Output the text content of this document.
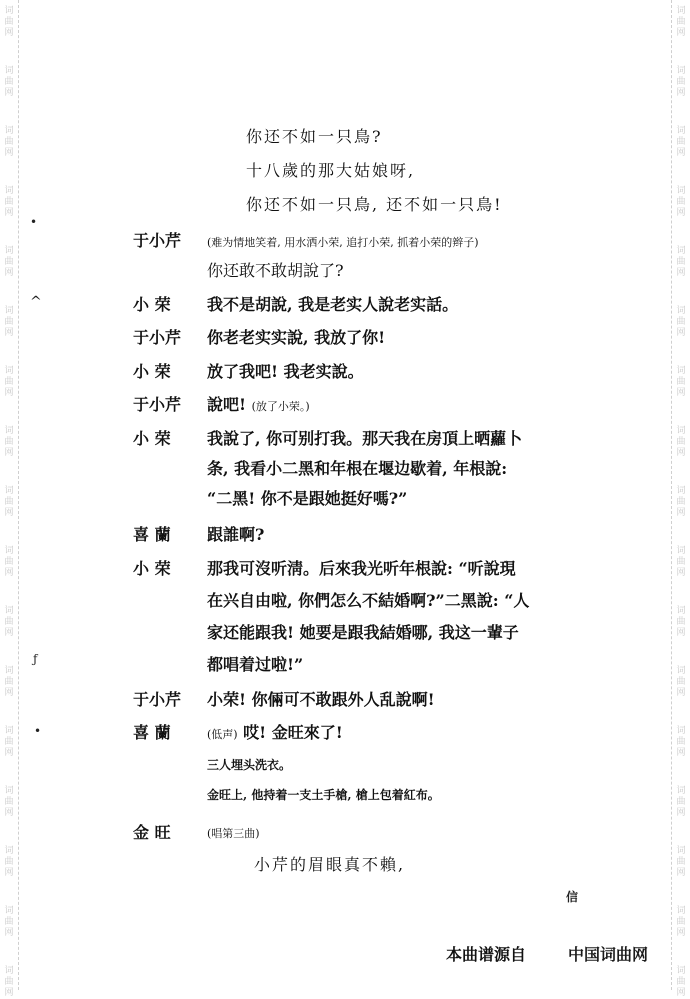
词曲网
词曲网
词曲网
词曲网
词曲网
词曲网
词曲网
词曲网
词曲网
词曲网
词曲网
词曲网
词曲网
词曲网
词曲网
词曲网
词曲网
词曲网
词曲网
词曲网
词曲网
词曲网
词曲网
词曲网
词曲网
词曲网
词曲网
词曲网
词曲网
词曲网
词曲网
词曲网
词曲网
词曲网
你还不如一只鳥?
十八歲的那大姑娘呀,
你还不如一只鳥, 还不如一只鳥!
于小芹 (难为情地笑着, 用水洒小荣, 追打小荣, 抓着小荣的辫子)
你还敢不敢胡說了?
小 荣 我不是胡說, 我是老实人說老实話。
于小芹 你老老实实說, 我放了你!
小 荣 放了我吧! 我老实說。
于小芹 說吧! (放了小荣。)
小 荣 我說了, 你可别打我。那天我在房頂上晒蘿卜
条, 我看小二黑和年根在堰边歇着, 年根說:
“二黑! 你不是跟她挺好嗎?”
喜 蘭 跟誰啊?
小 荣 那我可沒听淸。后來我光听年根說: “听說現
在兴自由啦, 你們怎么不結婚啊?”二黑說: “人
家还能跟我! 她要是跟我結婚哪, 我这一輩子
都唱着过啦!”
于小芹 小荣! 你倆可不敢跟外人乱說啊!
喜 蘭	(低声) 哎! 金旺來了!
三人埋头洗衣。
金旺上, 他持着一支土手槍, 槍上包着紅布。
金 旺	(唱第三曲)
小芹的眉眼真不賴,
信
•
^
ƒ
•
本曲谱源自	中国词曲网
